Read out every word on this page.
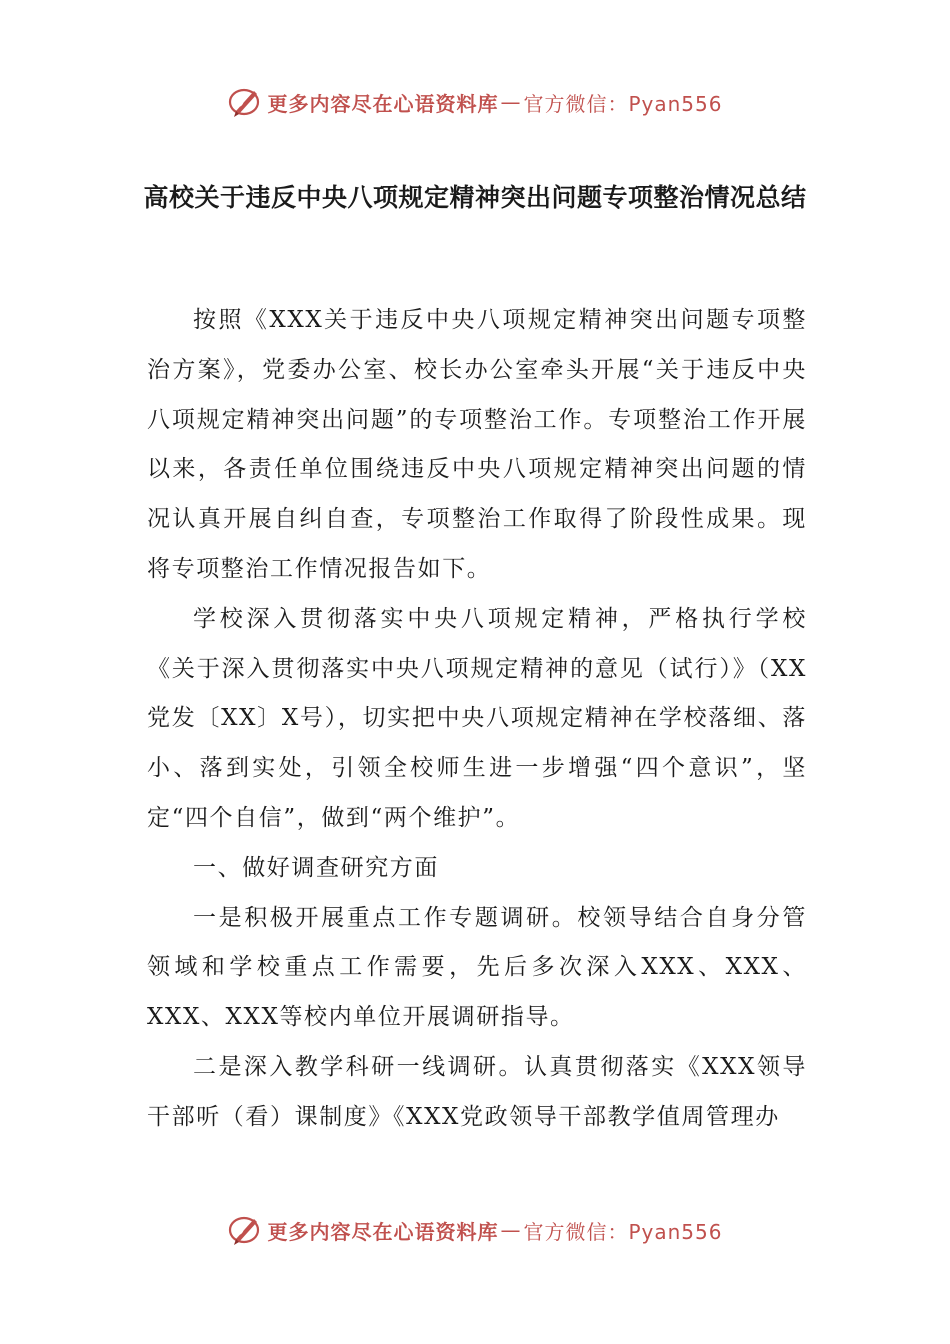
更多内容尽在心语资料库 — 官方微信：Pyan556
高校关于违反中央八项规定精神突出问题专项整治情况总结

按照《XXX关于违反中央八项规定精神突出问题专项整治方案》，党委办公室、校长办公室牵头开展“关于违反中央八项规定精神突出问题”的专项整治工作。专项整治工作开展以来，各责任单位围绕违反中央八项规定精神突出问题的情况认真开展自纠自查，专项整治工作取得了阶段性成果。现将专项整治工作情况报告如下。

学校深入贯彻落实中央八项规定精神，严格执行学校《关于深入贯彻落实中央八项规定精神的意见（试行）》（XX党发〔XX〕X号），切实把中央八项规定精神在学校落细、落小、落到实处，引领全校师生进一步增强“四个意识”，坚定“四个自信”，做到“两个维护”。

一、做好调查研究方面

一是积极开展重点工作专题调研。校领导结合自身分管领域和学校重点工作需要，先后多次深入XXX、XXX、XXX、XXX等校内单位开展调研指导。

二是深入教学科研一线调研。认真贯彻落实《XXX领导干部听（看）课制度》《XXX党政领导干部教学值周管理办

更多内容尽在心语资料库 — 官方微信：Pyan556
